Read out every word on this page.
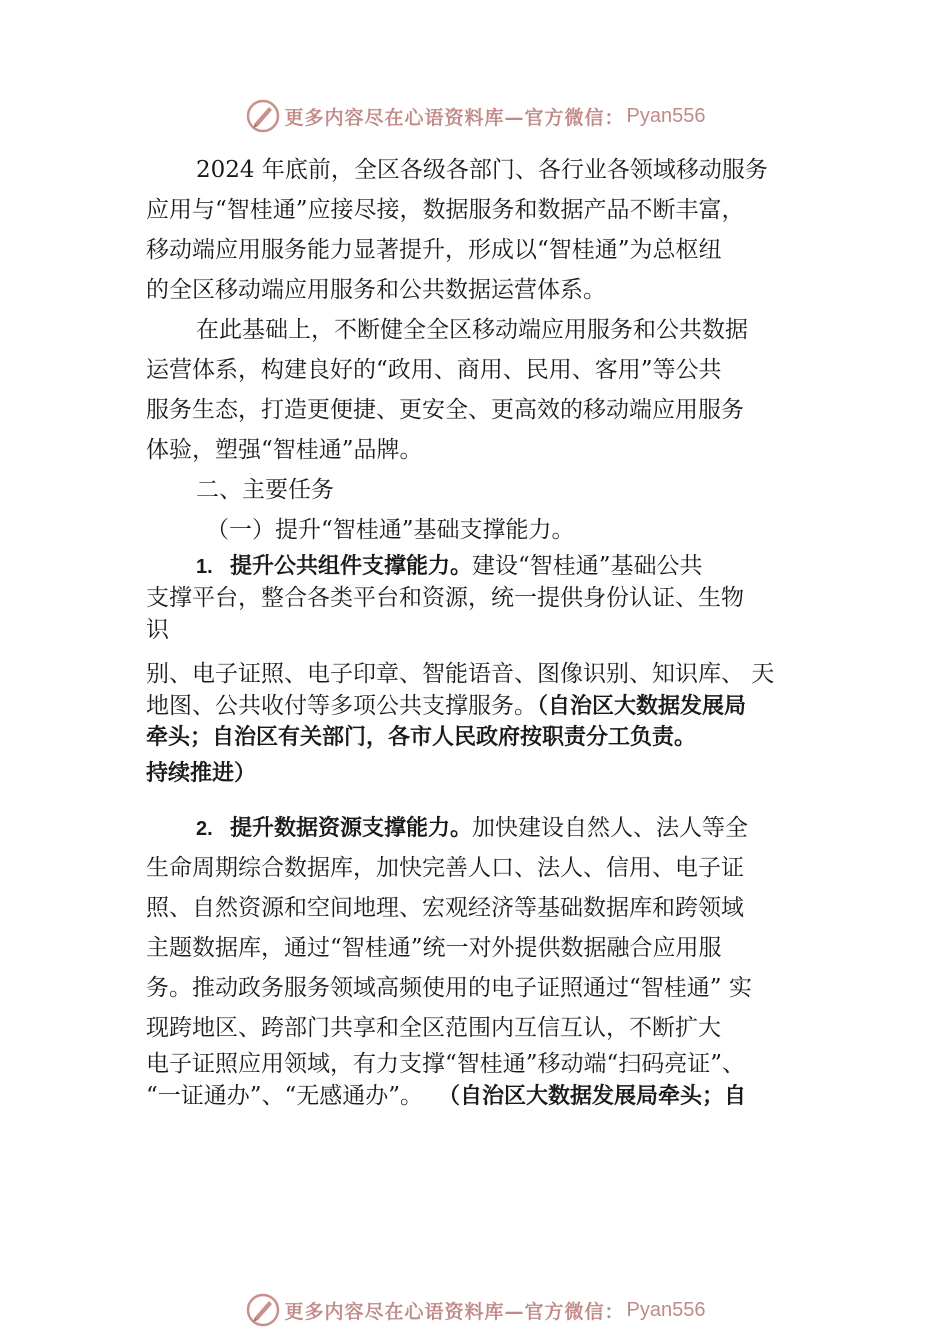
更多内容尽在心语资料库—官方微信： Pyan556
2024 年底前，全区各级各部门、各行业各领域移动服务
应用与“智桂通”应接尽接，数据服务和数据产品不断丰富，
移动端应用服务能力显著提升，形成以“智桂通”为总枢纽
的全区移动端应用服务和公共数据运营体系。
在此基础上，不断健全全区移动端应用服务和公共数据
运营体系，构建良好的“政用、商用、民用、客用”等公共
服务生态，打造更便捷、更安全、更高效的移动端应用服务
体验，塑强“智桂通”品牌。
二、主要任务
（一）提升“智桂通”基础支撑能力。
1. 提升公共组件支撑能力。建设“智桂通”基础公共
支撑平台，整合各类平台和资源，统一提供身份认证、生物
识
别、电子证照、电子印章、智能语音、图像识别、知识库、 天
地图、公共收付等多项公共支撑服务。（自治区大数据发展局
牵头；自治区有关部门，各市人民政府按职责分工负责。
持续推进）
2. 提升数据资源支撑能力。加快建设自然人、法人等全
生命周期综合数据库，加快完善人口、法人、信用、电子证
照、自然资源和空间地理、宏观经济等基础数据库和跨领域
主题数据库，通过“智桂通”统一对外提供数据融合应用服
务。推动政务服务领域高频使用的电子证照通过“智桂通” 实
现跨地区、跨部门共享和全区范围内互信互认，不断扩大
电子证照应用领域，有力支撑“智桂通”移动端“扫码亮证”、
“一证通办”、“无感通办”。 （自治区大数据发展局牵头；自
更多内容尽在心语资料库—官方微信： Pyan556
